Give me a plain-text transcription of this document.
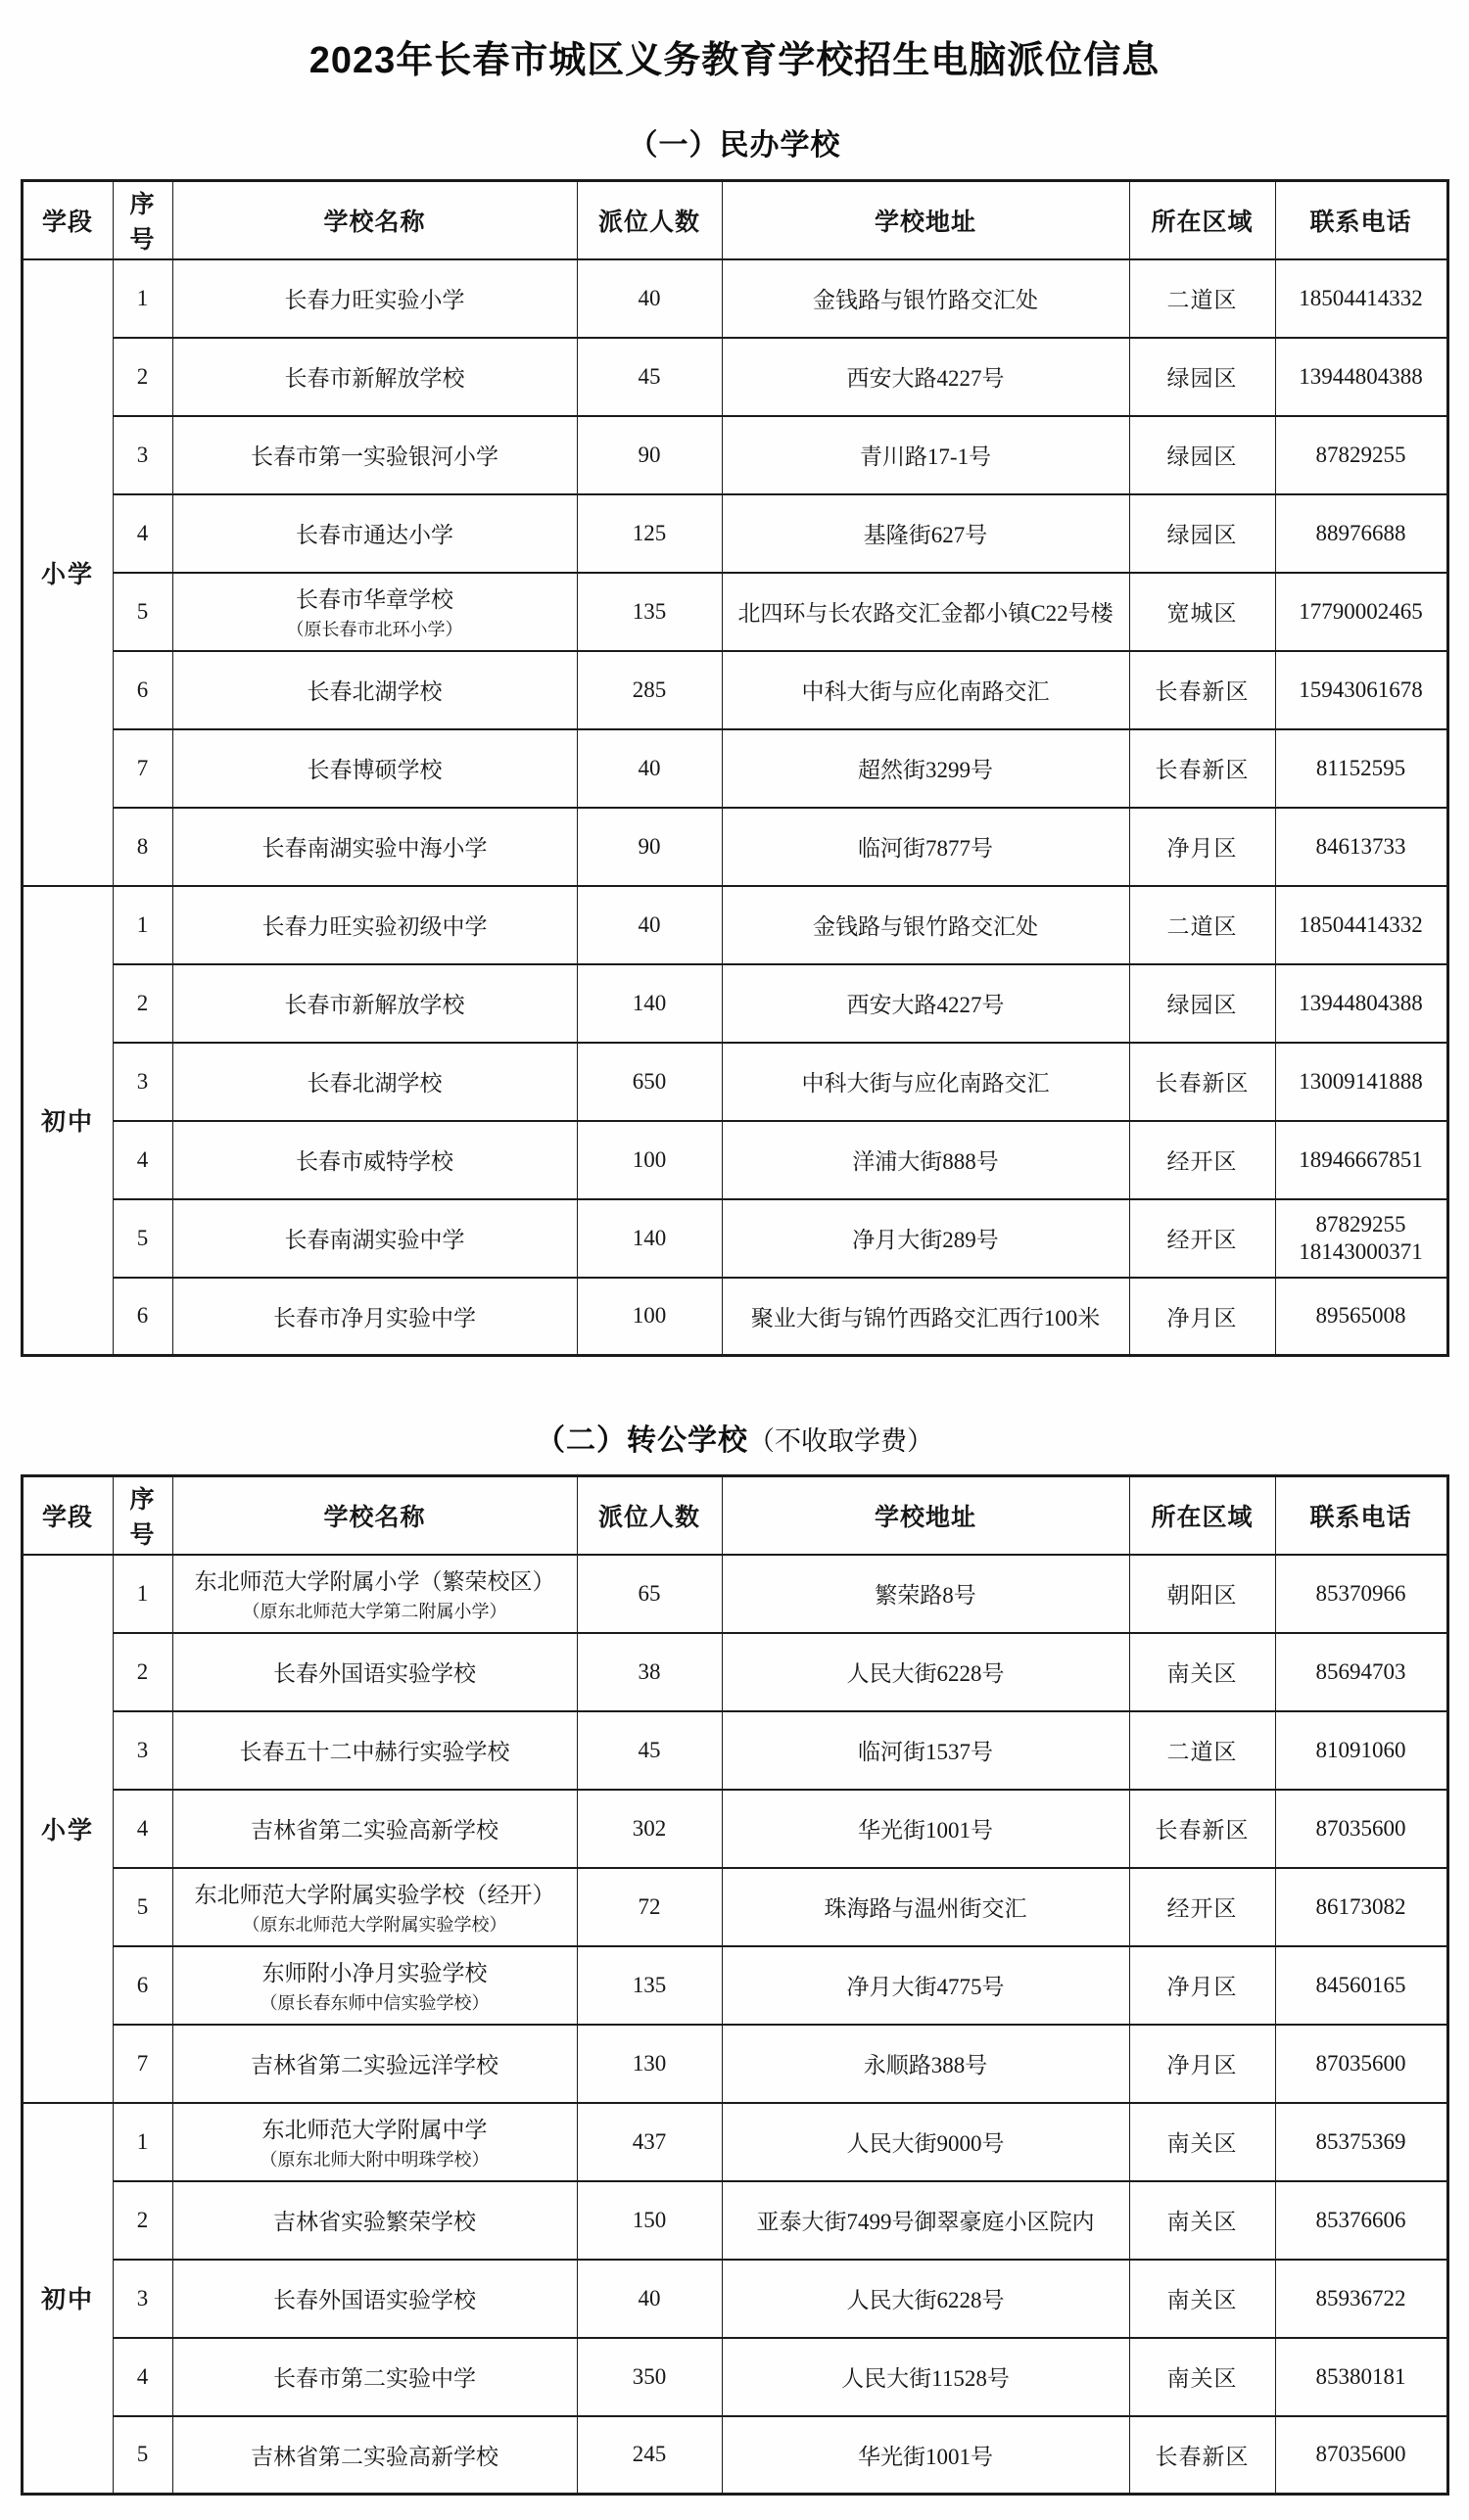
2023年长春市城区义务教育学校招生电脑派位信息
（一）民办学校
学段	序号	学校名称	派位人数	学校地址	所在区域	联系电话
小学	1	长春力旺实验小学	40	金钱路与银竹路交汇处	二道区	18504414332

	2	长春市新解放学校	45	西安大路4227号	绿园区	13944804388

	3	长春市第一实验银河小学	90	青川路17-1号	绿园区	87829255

	4	长春市通达小学	125	基隆街627号	绿园区	88976688

	5	长春市华章学校
（原长春市北环小学）	135	北四环与长农路交汇金都小镇C22号楼	宽城区	17790002465

	6	长春北湖学校	285	中科大街与应化南路交汇	长春新区	15943061678

	7	长春博硕学校	40	超然街3299号	长春新区	81152595

	8	长春南湖实验中海小学	90	临河街7877号	净月区	84613733

初中	1	长春力旺实验初级中学	40	金钱路与银竹路交汇处	二道区	18504414332

	2	长春市新解放学校	140	西安大路4227号	绿园区	13944804388

	3	长春北湖学校	650	中科大街与应化南路交汇	长春新区	13009141888

	4	长春市威特学校	100	洋浦大街888号	经开区	18946667851

	5	长春南湖实验中学	140	净月大街289号	经开区	87829255
18143000371

	6	长春市净月实验中学	100	聚业大街与锦竹西路交汇西行100米	净月区	89565008
（二）转公学校（不收取学费）
学段	序号	学校名称	派位人数	学校地址	所在区域	联系电话
小学	1	东北师范大学附属小学（繁荣校区）
（原东北师范大学第二附属小学）	65	繁荣路8号	朝阳区	85370966

	2	长春外国语实验学校	38	人民大街6228号	南关区	85694703

	3	长春五十二中赫行实验学校	45	临河街1537号	二道区	81091060

	4	吉林省第二实验高新学校	302	华光街1001号	长春新区	87035600

	5	东北师范大学附属实验学校（经开）
（原东北师范大学附属实验学校）	72	珠海路与温州街交汇	经开区	86173082

	6	东师附小净月实验学校
（原长春东师中信实验学校）	135	净月大街4775号	净月区	84560165

	7	吉林省第二实验远洋学校	130	永顺路388号	净月区	87035600

初中	1	东北师范大学附属中学
（原东北师大附中明珠学校）	437	人民大街9000号	南关区	85375369

	2	吉林省实验繁荣学校	150	亚泰大街7499号御翠豪庭小区院内	南关区	85376606

	3	长春外国语实验学校	40	人民大街6228号	南关区	85936722

	4	长春市第二实验中学	350	人民大街11528号	南关区	85380181

	5	吉林省第二实验高新学校	245	华光街1001号	长春新区	87035600
